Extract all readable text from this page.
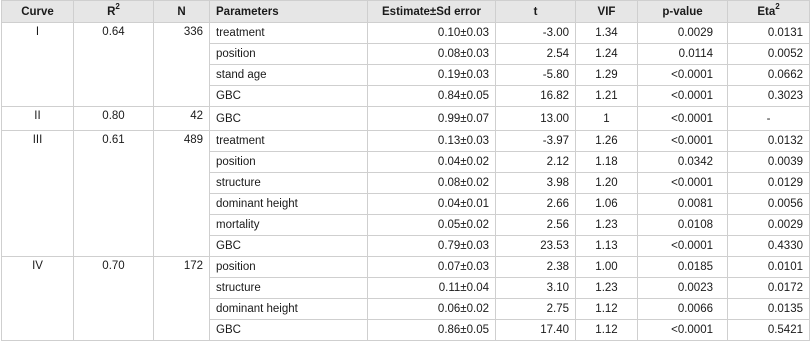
Curve	$R^2$	N	Parameters	Estimate±Sd error	t	VIF	p-value	Eta$^2$
I	0.64	336	treatment	0.10±0.03	-3.00	1.34	0.0029	0.0131
			position	0.08±0.03	2.54	1.24	0.0114	0.0052
			stand age	0.19±0.03	-5.80	1.29	<0.0001	0.0662
			GBC	0.84±0.05	16.82	1.21	<0.0001	0.3023
II	0.80	42	GBC	0.99±0.07	13.00	1	<0.0001	-
III	0.61	489	treatment	0.13±0.03	-3.97	1.26	<0.0001	0.0132
			position	0.04±0.02	2.12	1.18	0.0342	0.0039
			structure	0.08±0.02	3.98	1.20	<0.0001	0.0129
			dominant height	0.04±0.01	2.66	1.06	0.0081	0.0056
			mortality	0.05±0.02	2.56	1.23	0.0108	0.0029
			GBC	0.79±0.03	23.53	1.13	<0.0001	0.4330
IV	0.70	172	position	0.07±0.03	2.38	1.00	0.0185	0.0101
			structure	0.11±0.04	3.10	1.23	0.0023	0.0172
			dominant height	0.06±0.02	2.75	1.12	0.0066	0.0135
			GBC	0.86±0.05	17.40	1.12	<0.0001	0.5421
